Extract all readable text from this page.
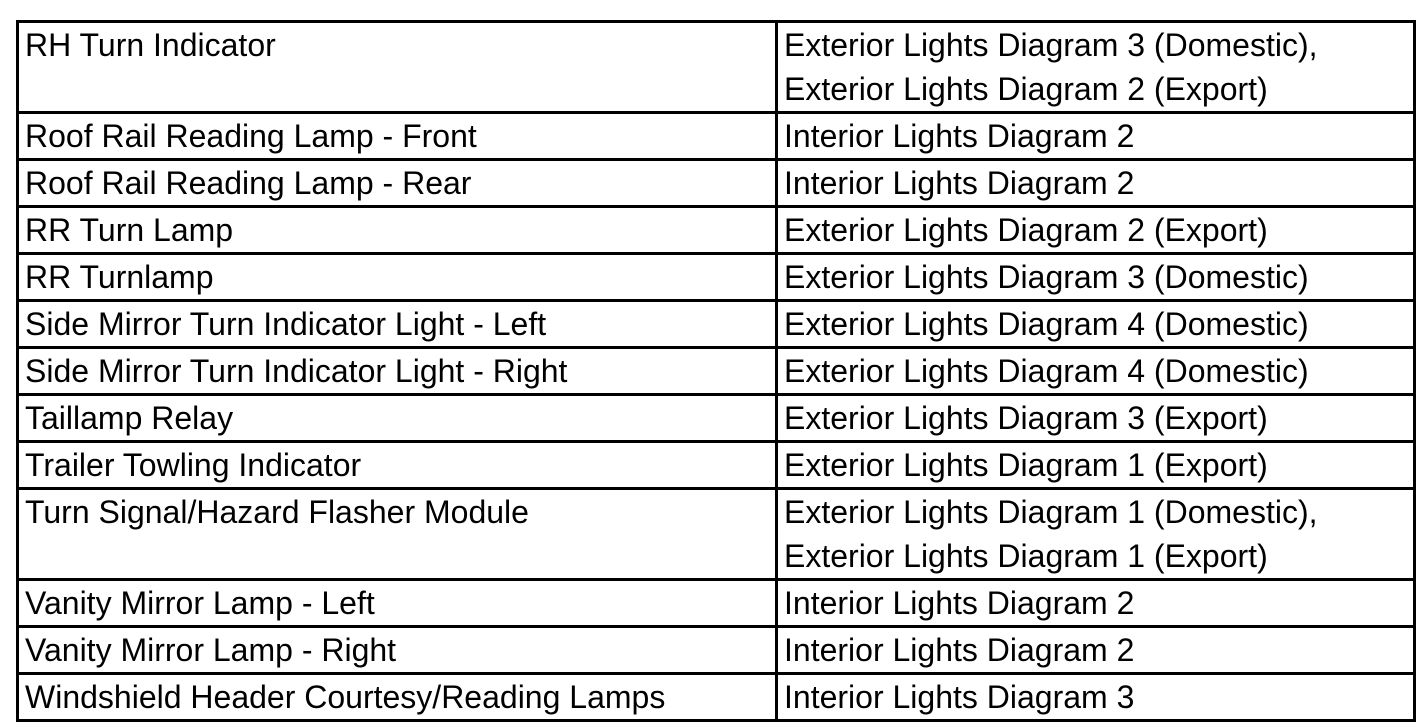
RH Turn Indicator	Exterior Lights Diagram 3 (Domestic),
Exterior Lights Diagram 2 (Export)

Roof Rail Reading Lamp - Front	Interior Lights Diagram 2

Roof Rail Reading Lamp - Rear	Interior Lights Diagram 2

RR Turn Lamp	Exterior Lights Diagram 2 (Export)

RR Turnlamp	Exterior Lights Diagram 3 (Domestic)

Side Mirror Turn Indicator Light - Left	Exterior Lights Diagram 4 (Domestic)

Side Mirror Turn Indicator Light - Right	Exterior Lights Diagram 4 (Domestic)

Taillamp Relay	Exterior Lights Diagram 3 (Export)

Trailer Towling Indicator	Exterior Lights Diagram 1 (Export)

Turn Signal/Hazard Flasher Module	Exterior Lights Diagram 1 (Domestic),
Exterior Lights Diagram 1 (Export)

Vanity Mirror Lamp - Left	Interior Lights Diagram 2

Vanity Mirror Lamp - Right	Interior Lights Diagram 2

Windshield Header Courtesy/Reading Lamps	Interior Lights Diagram 3
